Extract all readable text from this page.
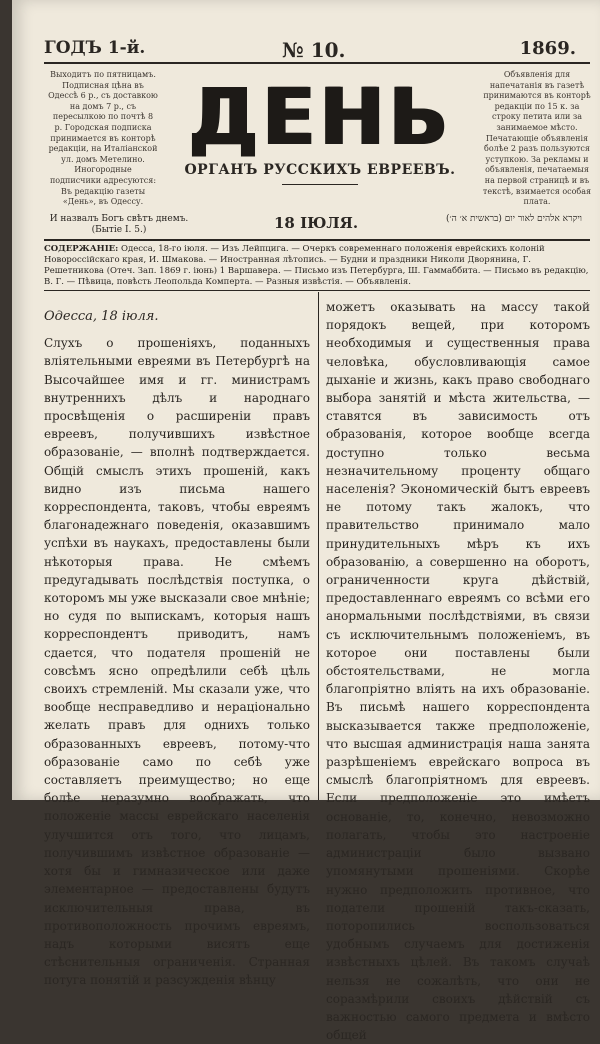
ГОДЪ 1-й.	№ 10.	1869.
Выходитъ по пятницамъ. Подписная цѣна въ Одессѣ 6 р., съ доставкою на домъ 7 р., съ пересылкою по почтѣ 8 р. Городская подписка принимается въ конторѣ редакціи, на Италіанской ул. домъ Метелино. Иногородные подписчики адресуются: Въ редакцію газеты «День», въ Одессу.
Объявленія для напечатанія въ газетѣ принимаются въ конторѣ редакціи по 15 к. за строку петита или за занимаемое мѣсто. Печатающіе объявленія болѣе 2 разъ пользуются уступкою. За рекламы и объявленія, печатаемыя на первой страницѣ и въ текстѣ, взимается особая плата.
ДЕНЬ
ОРГАНЪ РУССКИХЪ ЕВРЕЕВЪ.
И назвалъ Богъ свѣтъ днемъ. (Бытіе I. 5.)	18 ІЮЛЯ.	ויקרא אלהים לאור יום (בראשית א׳ ה׳)
СОДЕРЖАНІЕ: Одесса, 18-го іюля. — Изъ Лейпцига. — Очеркъ современнаго положенія еврейскихъ колоній Новороссійскаго края, И. Шмакова. — Иностранная лѣтопись. — Будни и праздники Николи Дворянина, Г. Решетникова (Отеч. Зап. 1869 г. іюнь) 1 Варшавера. — Письмо изъ Петербурга, Ш. Гаммаббита. — Письмо въ редакцію, В. Г. — Пѣвица, повѣсть Леопольда Комперта. — Разныя извѣстія. — Объявленія.

Одесса, 18 іюля.

Слухъ о прошеніяхъ, поданныхъ вліятельными евреями въ Петербургѣ на Высочайшее имя и гг. министрамъ внутреннихъ дѣлъ и народнаго просвѣщенія о расширеніи правъ евреевъ, получившихъ извѣстное образованіе, — вполнѣ подтверждается. Общій смыслъ этихъ прошеній, какъ видно изъ письма нашего корреспондента, таковъ, чтобы евреямъ благонадежнаго поведенія, оказавшимъ успѣхи въ наукахъ, предоставлены были нѣкоторыя права. Не смѣемъ предугадывать послѣдствія поступка, о которомъ мы уже высказали свое мнѣніе; но судя по выпискамъ, которыя нашъ корреспондентъ приводитъ, намъ сдается, что подателя прошеній не совсѣмъ ясно опредѣлили себѣ цѣль своихъ стремленій. Мы сказали уже, что вообще несправедливо и нерaціонально желать правъ для однихъ только образованныхъ евреевъ, потому-что образованіе само по себѣ уже составляетъ преимущество; но еще болѣе неразумно воображать, что положеніе массы еврейскаго населенія улучшится отъ того, что лицамъ, получившимъ извѣстное образованіе — хотя бы и гимназическое или даже элементарное — предоставлены будутъ исключительныя права, въ противоположность прочимъ евреямъ, надъ которыми висятъ еще стѣснительныя ограниченія. Странная потуга понятій и разсужденія вѣнцу

можетъ оказывать на массу такой порядокъ вещей, при которомъ необходимыя и существенныя права человѣка, обусловливающія самое дыханіе и жизнь, какъ право свободнаго выбора занятій и мѣста жительства, — ставятся въ зависимость отъ образованія, которое вообще всегда доступно только весьма незначительному проценту общаго населенія? Экономическій бытъ евреевъ не потому такъ жалокъ, что правительство принимало мало принудительныхъ мѣръ къ ихъ образованію, а совершенно на оборотъ, ограниченности круга дѣйствій, предоставленнаго евреямъ со всѣми его анормальными послѣдствіями, въ связи съ исключительнымъ положеніемъ, въ которое они поставлены были обстоятельствами, не могла благопріятно вліять на ихъ образованіе. Въ письмѣ нашего корреспондента высказывается также предположеніе, что высшая администрація наша занята разрѣшеніемъ еврейскаго вопроса въ смыслѣ благопріятномъ для евреевъ. Если предположеніе это имѣетъ основаніе, то, конечно, невозможно полагать, чтобы это настроеніе администраціи было вызвано упомянутыми прошеніями. Скорѣе нужно предположить противное, что податели прошеній такъ-сказать, поторопились воспользоваться удобнымъ случаемъ для достиженія извѣстныхъ цѣлей. Въ такомъ случаѣ нельзя не сожалѣть, что они не соразмѣрили своихъ дѣйствій съ важностью самого предмета и вмѣсто общей
